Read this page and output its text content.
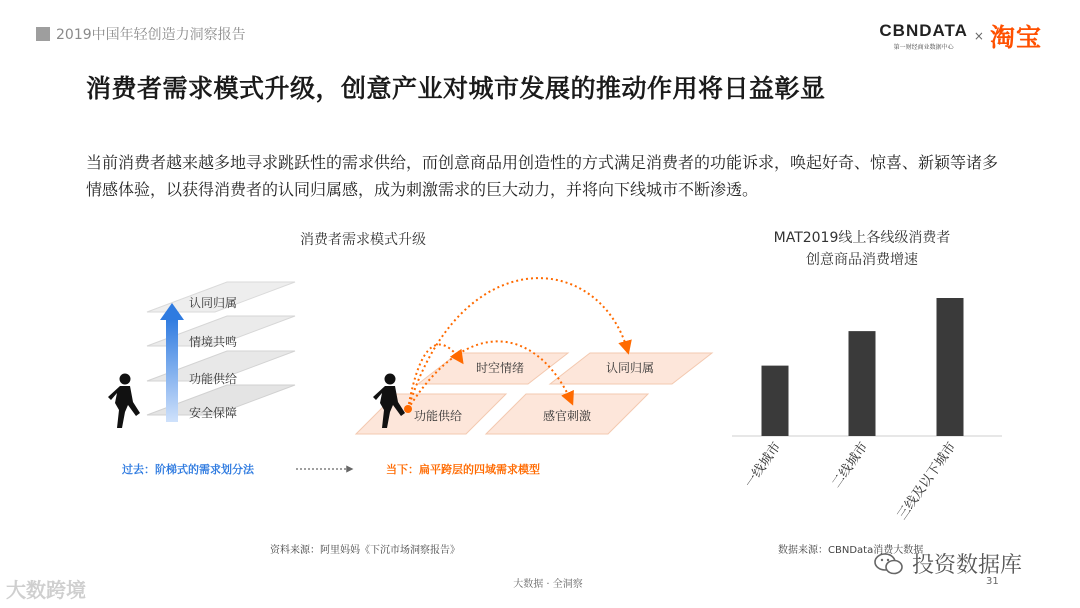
2019中国年轻创造力洞察报告	CBNDATA
第一财经商业数据中心
× 淘宝
消费者需求模式升级，创意产业对城市发展的推动作用将日益彰显
当前消费者越来越多地寻求跳跃性的需求供给，而创意商品用创造性的方式满足消费者的功能诉求，唤起好奇、惊喜、新颖等诸多情感体验，以获得消费者的认同归属感，成为刺激需求的巨大动力，并将向下线城市不断渗透。
消费者需求模式升级
认同归属
情境共鸣
功能供给
安全保障
时空情绪	认同归属
功能供给	感官刺激
过去：阶梯式的需求划分法	当下：扁平跨层的四域需求模型
MAT2019线上各线级消费者
创意商品消费增速
一线城市	二线城市 三线及以下城市
资料来源：阿里妈妈《下沉市场洞察报告》	数据来源：CBNData消费大数据
大数据 · 全洞察	31
大数跨境
投资数据库
